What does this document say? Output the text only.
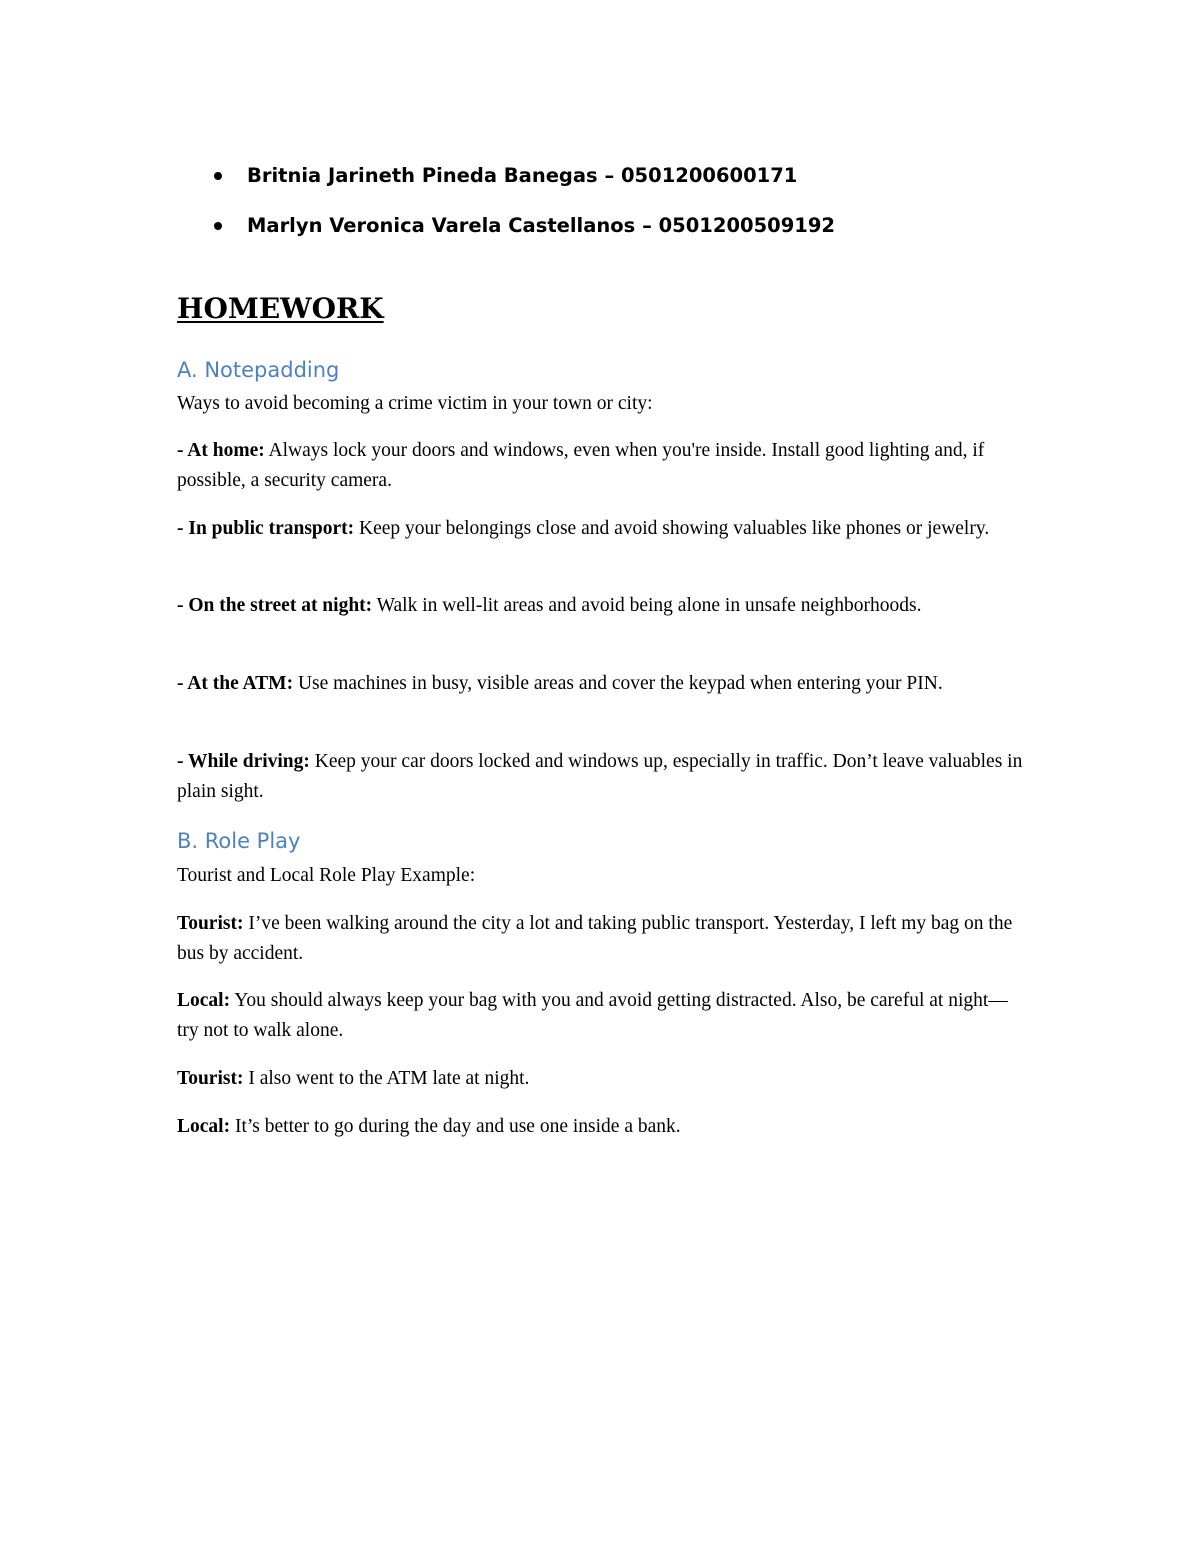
Britnia Jarineth Pineda Banegas – 0501200600171
Marlyn Veronica Varela Castellanos – 0501200509192
HOMEWORK
A. Notepadding

Ways to avoid becoming a crime victim in your town or city:

- At home: Always lock your doors and windows, even when you're inside. Install good lighting and, if possible, a security camera.

- In public transport: Keep your belongings close and avoid showing valuables like phones or jewelry.

- On the street at night: Walk in well-lit areas and avoid being alone in unsafe neighborhoods.

- At the ATM: Use machines in busy, visible areas and cover the keypad when entering your PIN.

- While driving: Keep your car doors locked and windows up, especially in traffic. Don’t leave valuables in plain sight.

B. Role Play

Tourist and Local Role Play Example:

Tourist: I’ve been walking around the city a lot and taking public transport. Yesterday, I left my bag on the bus by accident.

Local: You should always keep your bag with you and avoid getting distracted. Also, be careful at night—try not to walk alone.

Tourist: I also went to the ATM late at night.

Local: It’s better to go during the day and use one inside a bank.
